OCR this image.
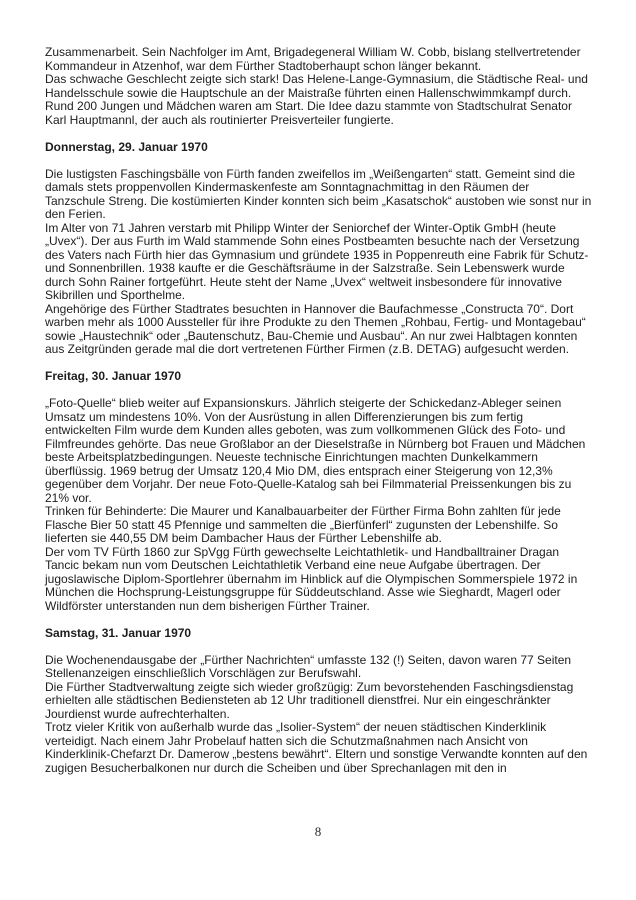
Zusammenarbeit. Sein Nachfolger im Amt, Brigadegeneral William W. Cobb, bislang stellvertretender Kommandeur in Atzenhof, war dem Fürther Stadtoberhaupt schon länger bekannt.

Das schwache Geschlecht zeigte sich stark! Das Helene-Lange-Gymnasium, die Städtische Real- und Handelsschule sowie die Hauptschule an der Maistraße führten einen Hallenschwimmkampf durch. Rund 200 Jungen und Mädchen waren am Start. Die Idee dazu stammte von Stadtschulrat Senator Karl Hauptmannl, der auch als routinierter Preisverteiler fungierte.

Donnerstag, 29. Januar 1970

Die lustigsten Faschingsbälle von Fürth fanden zweifellos im „Weißengarten“ statt. Gemeint sind die damals stets proppenvollen Kindermaskenfeste am Sonntagnachmittag in den Räumen der Tanzschule Streng. Die kostümierten Kinder konnten sich beim „Kasatschok“ austoben wie sonst nur in den Ferien.

Im Alter von 71 Jahren verstarb mit Philipp Winter der Seniorchef der Winter-Optik GmbH (heute „Uvex“). Der aus Furth im Wald stammende Sohn eines Postbeamten besuchte nach der Versetzung des Vaters nach Fürth hier das Gymnasium und gründete 1935 in Poppenreuth eine Fabrik für Schutz- und Sonnenbrillen. 1938 kaufte er die Geschäftsräume in der Salzstraße. Sein Lebenswerk wurde durch Sohn Rainer fortgeführt. Heute steht der Name „Uvex“ weltweit insbesondere für innovative Skibrillen und Sporthelme.

Angehörige des Fürther Stadtrates besuchten in Hannover die Baufachmesse „Constructa 70“. Dort warben mehr als 1000 Aussteller für ihre Produkte zu den Themen „Rohbau, Fertig- und Montagebau“ sowie „Haustechnik“ oder „Bautenschutz, Bau-Chemie und Ausbau“. An nur zwei Halbtagen konnten aus Zeitgründen gerade mal die dort vertretenen Fürther Firmen (z.B. DETAG) aufgesucht werden.

Freitag, 30. Januar 1970

„Foto-Quelle“ blieb weiter auf Expansionskurs. Jährlich steigerte der Schickedanz-Ableger seinen Umsatz um mindestens 10%. Von der Ausrüstung in allen Differenzierungen bis zum fertig entwickelten Film wurde dem Kunden alles geboten, was zum vollkommenen Glück des Foto- und Filmfreundes gehörte. Das neue Großlabor an der Dieselstraße in Nürnberg bot Frauen und Mädchen beste Arbeitsplatzbedingungen. Neueste technische Einrichtungen machten Dunkelkammern überflüssig. 1969 betrug der Umsatz 120,4 Mio DM, dies entsprach einer Steigerung von 12,3% gegenüber dem Vorjahr. Der neue Foto-Quelle-Katalog sah bei Filmmaterial Preissenkungen bis zu 21% vor.

Trinken für Behinderte: Die Maurer und Kanalbauarbeiter der Fürther Firma Bohn zahlten für jede Flasche Bier 50 statt 45 Pfennige und sammelten die „Bierfünferl“ zugunsten der Lebenshilfe. So lieferten sie 440,55 DM beim Dambacher Haus der Fürther Lebenshilfe ab.

Der vom TV Fürth 1860 zur SpVgg Fürth gewechselte Leichtathletik- und Handballtrainer Dragan Tancic bekam nun vom Deutschen Leichtathletik Verband eine neue Aufgabe übertragen. Der jugoslawische Diplom-Sportlehrer übernahm im Hinblick auf die Olympischen Sommerspiele 1972 in München die Hochsprung-Leistungsgruppe für Süddeutschland. Asse wie Sieghardt, Magerl oder Wildförster unterstanden nun dem bisherigen Fürther Trainer.

Samstag, 31. Januar 1970

Die Wochenendausgabe der „Fürther Nachrichten“ umfasste 132 (!) Seiten, davon waren 77 Seiten Stellenanzeigen einschließlich Vorschlägen zur Berufswahl.

Die Fürther Stadtverwaltung zeigte sich wieder großzügig: Zum bevorstehenden Faschingsdienstag erhielten alle städtischen Bediensteten ab 12 Uhr traditionell dienstfrei. Nur ein eingeschränkter Jourdienst wurde aufrechterhalten.

Trotz vieler Kritik von außerhalb wurde das „Isolier-System“ der neuen städtischen Kinderklinik verteidigt. Nach einem Jahr Probelauf hatten sich die Schutzmaßnahmen nach Ansicht von Kinderklinik-Chefarzt Dr. Damerow „bestens bewährt“. Eltern und sonstige Verwandte konnten auf den zugigen Besucherbalkonen nur durch die Scheiben und über Sprechanlagen mit den in

8
